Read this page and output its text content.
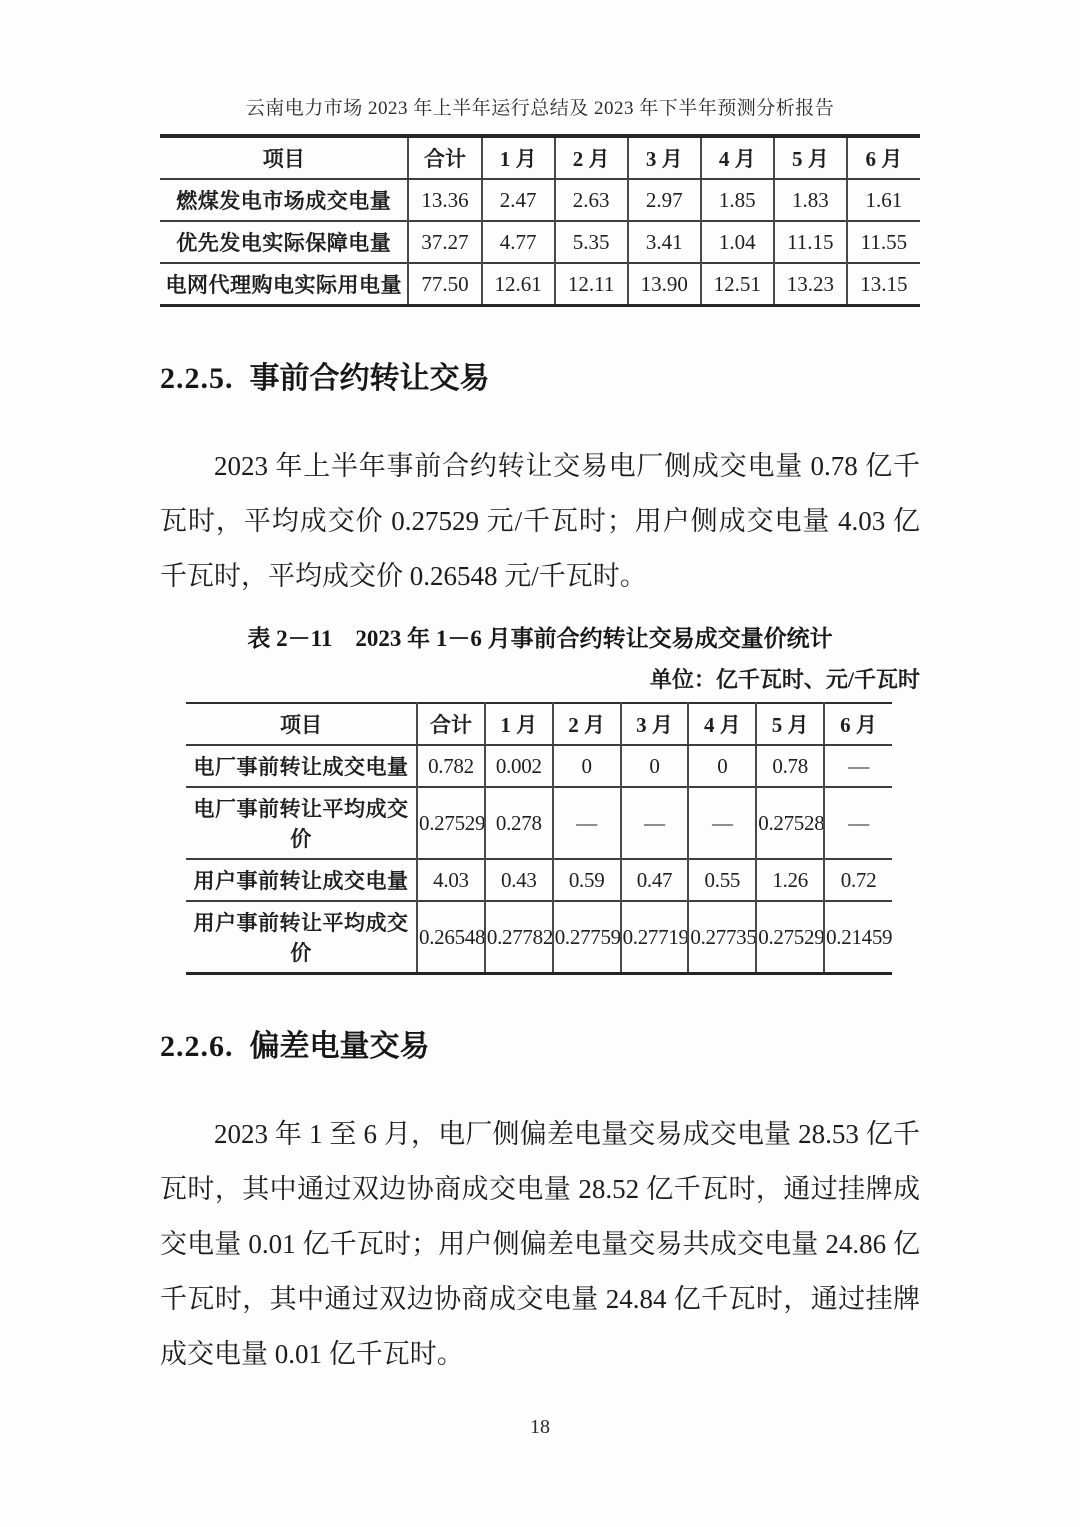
云南电力市场 2023 年上半年运行总结及 2023 年下半年预测分析报告
项目	合计	1 月	2 月	3 月	4 月	5 月	6 月
燃煤发电市场成交电量	13.36	2.47	2.63	2.97	1.85	1.83	1.61
优先发电实际保障电量	37.27	4.77	5.35	3.41	1.04	11.15	11.55
电网代理购电实际用电量	77.50	12.61	12.11	13.90	12.51	13.23	13.15
2.2.5. 事前合约转让交易

2023 年上半年事前合约转让交易电厂侧成交电量 0.78 亿千瓦时，平均成交价 0.27529 元/千瓦时；用户侧成交电量 4.03 亿千瓦时，平均成交价 0.26548 元/千瓦时。

表 2－11　2023 年 1－6 月事前合约转让交易成交量价统计
单位：亿千瓦时、元/千瓦时
项目	合计	1 月	2 月	3 月	4 月	5 月	6 月
电厂事前转让成交电量	0.782	0.002	0	0	0	0.78	—
电厂事前转让平均成交价	0.27529	0.278	—	—	—	0.27528	—
用户事前转让成交电量	4.03	0.43	0.59	0.47	0.55	1.26	0.72
用户事前转让平均成交价	0.26548	0.27782	0.27759	0.27719	0.27735	0.27529	0.21459
2.2.6. 偏差电量交易

2023 年 1 至 6 月，电厂侧偏差电量交易成交电量 28.53 亿千瓦时，其中通过双边协商成交电量 28.52 亿千瓦时，通过挂牌成交电量 0.01 亿千瓦时；用户侧偏差电量交易共成交电量 24.86 亿千瓦时，其中通过双边协商成交电量 24.84 亿千瓦时，通过挂牌成交电量 0.01 亿千瓦时。

18
